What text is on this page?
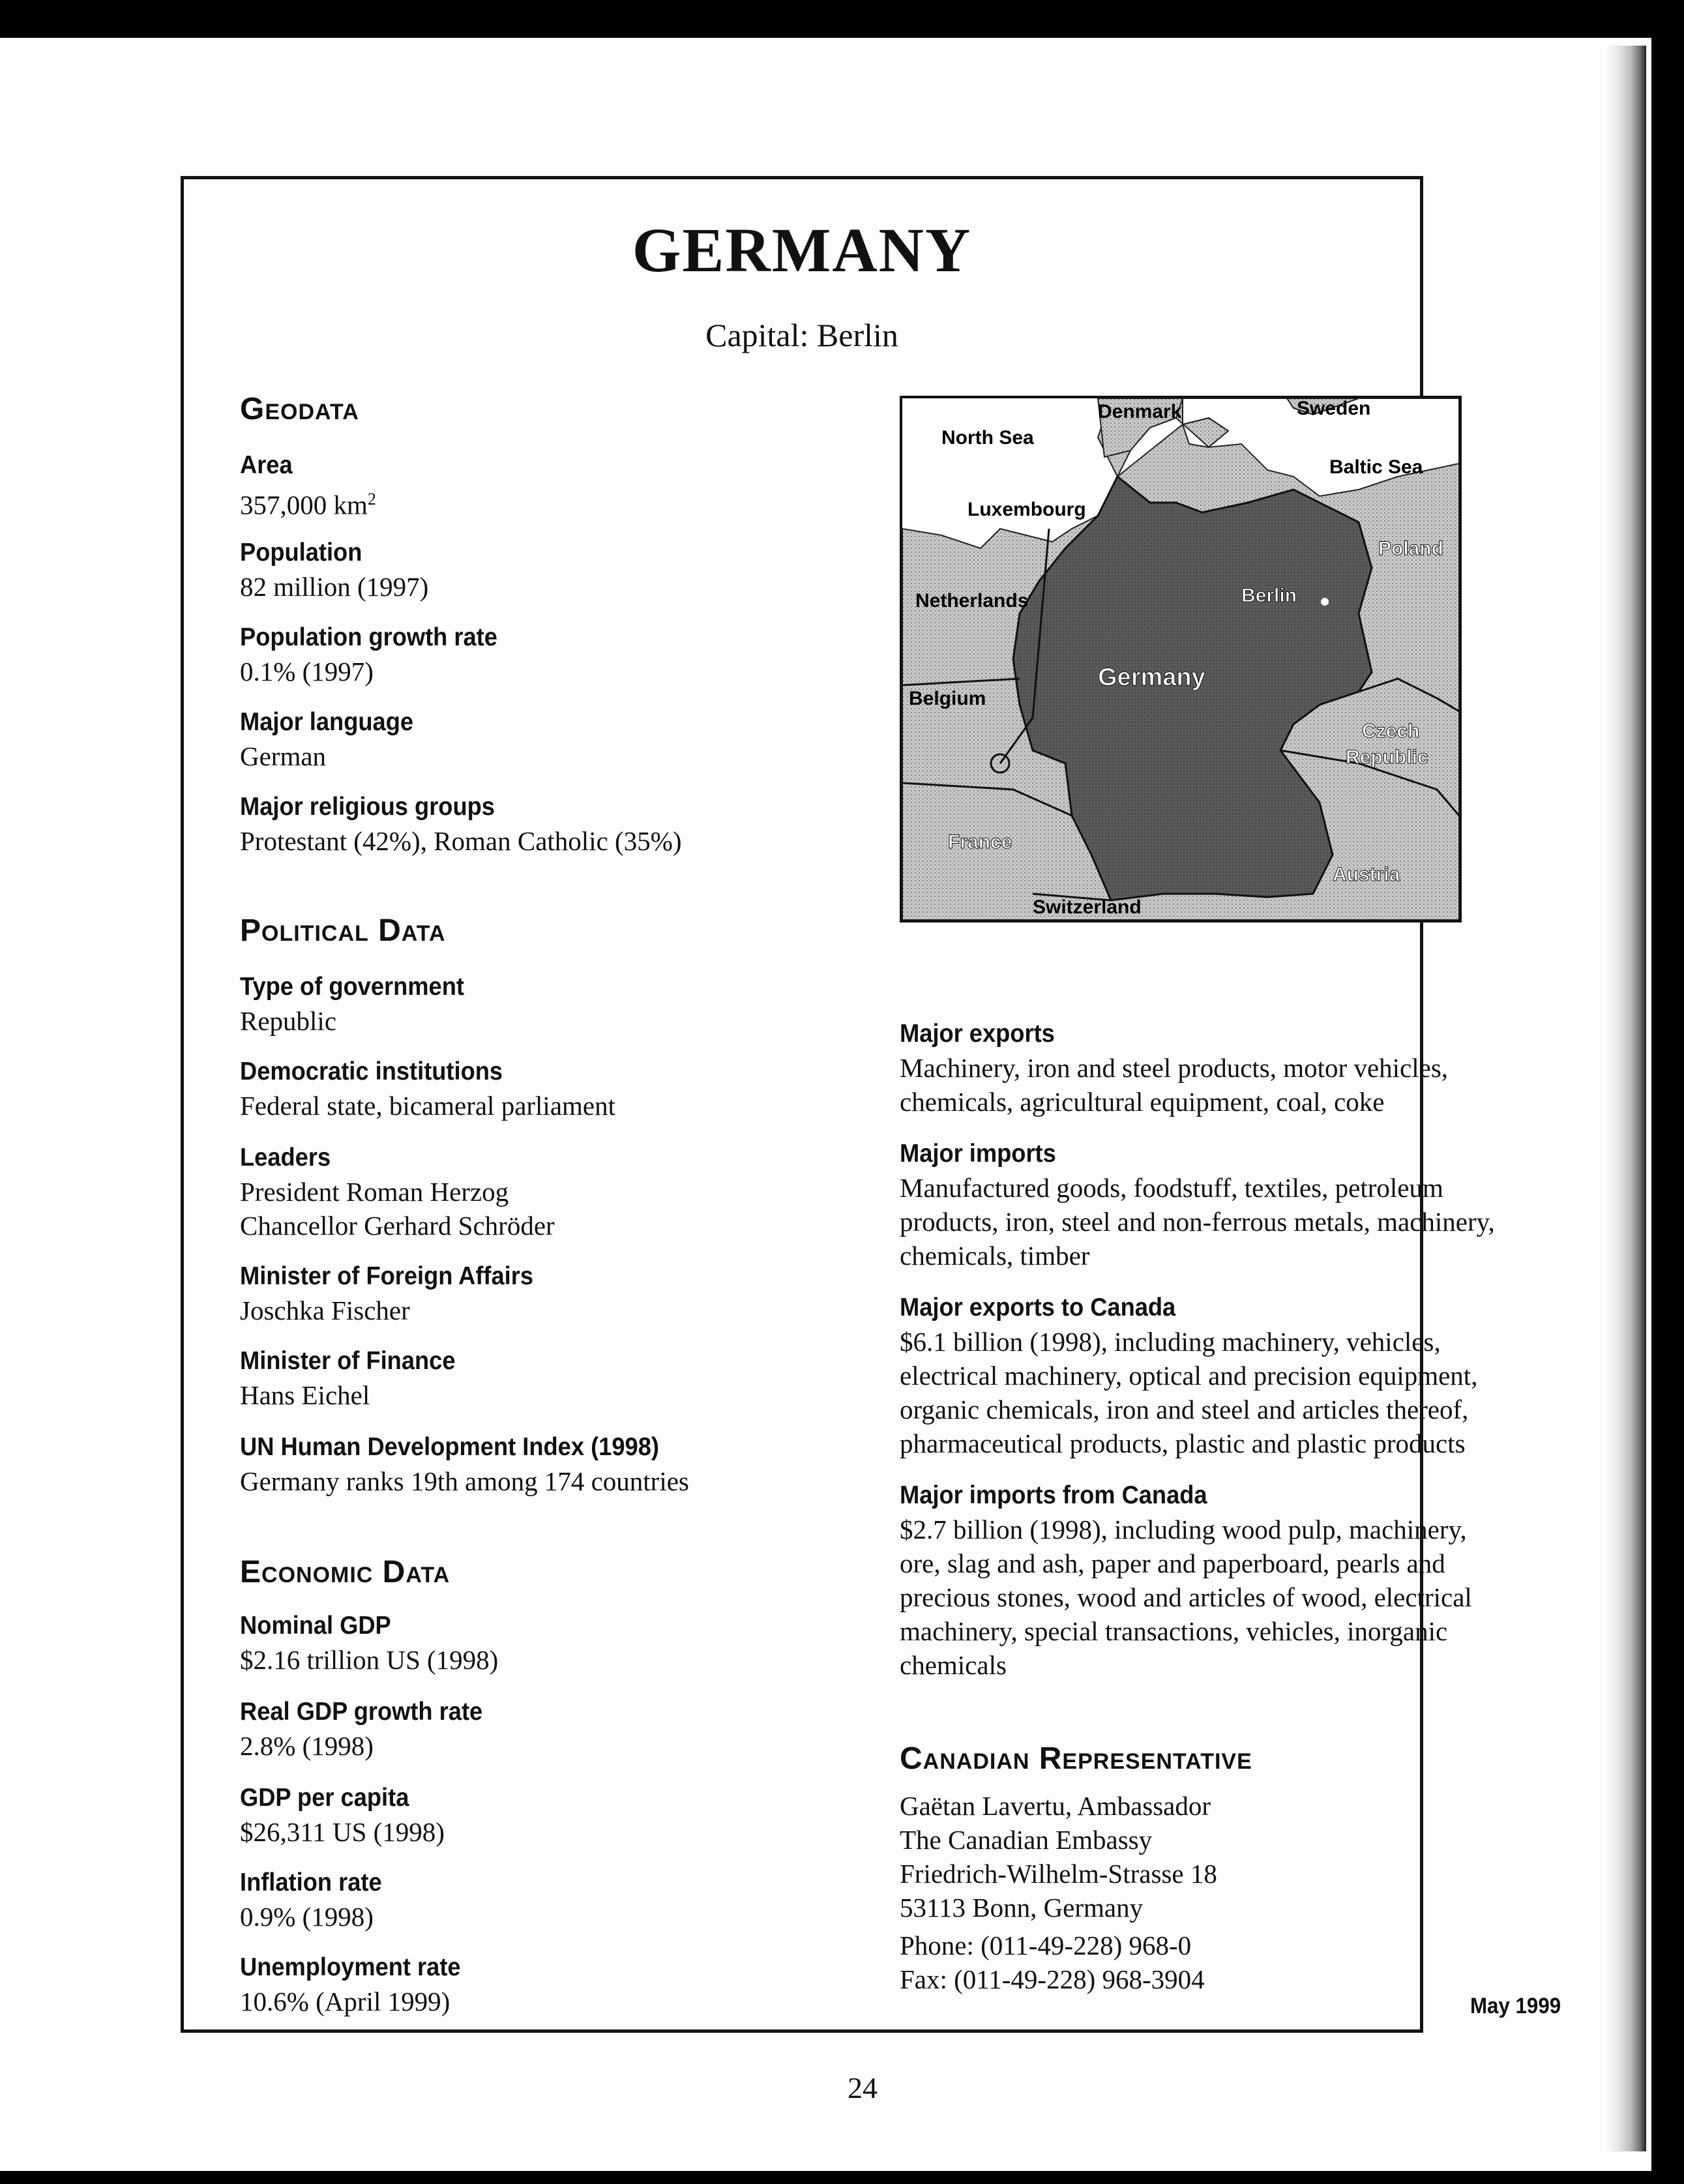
GERMANY
Capital: Berlin
Geodata
Area
357,000 $km^2$
Population
82 million (1997)
Population growth rate
0.1% (1997)
Major language
German
Major religious groups
Protestant (42%), Roman Catholic (35%)
Political Data
Type of government
Republic
Democratic institutions
Federal state, bicameral parliament
Leaders
President Roman Herzog
Chancellor Gerhard Schröder
Minister of Foreign Affairs
Joschka Fischer
Minister of Finance
Hans Eichel
UN Human Development Index (1998)
Germany ranks 19th among 174 countries
Economic Data
Nominal GDP
$2.16 trillion US (1998)
Real GDP growth rate
2.8% (1998)
GDP per capita
$26,311 US (1998)
Inflation rate
0.9% (1998)
Unemployment rate
10.6% (April 1999)
Denmark	Sweden
North Sea
Baltic Sea
Luxembourg
Poland
Netherlands	Berlin
Germany
Belgium
Czech
Republic
France
Austria
Switzerland
Major exports
Machinery, iron and steel products, motor vehicles,
chemicals, agricultural equipment, coal, coke
Major imports
Manufactured goods, foodstuff, textiles, petroleum
products, iron, steel and non-ferrous metals, machinery,
chemicals, timber
Major exports to Canada
$6.1 billion (1998), including machinery, vehicles,
electrical machinery, optical and precision equipment,
organic chemicals, iron and steel and articles thereof,
pharmaceutical products, plastic and plastic products
Major imports from Canada
$2.7 billion (1998), including wood pulp, machinery,
ore, slag and ash, paper and paperboard, pearls and
precious stones, wood and articles of wood, electrical
machinery, special transactions, vehicles, inorganic
chemicals
Canadian Representative
Gaëtan Lavertu, Ambassador
The Canadian Embassy
Friedrich-Wilhelm-Strasse 18
53113 Bonn, Germany
Phone: (011-49-228) 968-0
Fax: (011-49-228) 968-3904
May 1999
24
